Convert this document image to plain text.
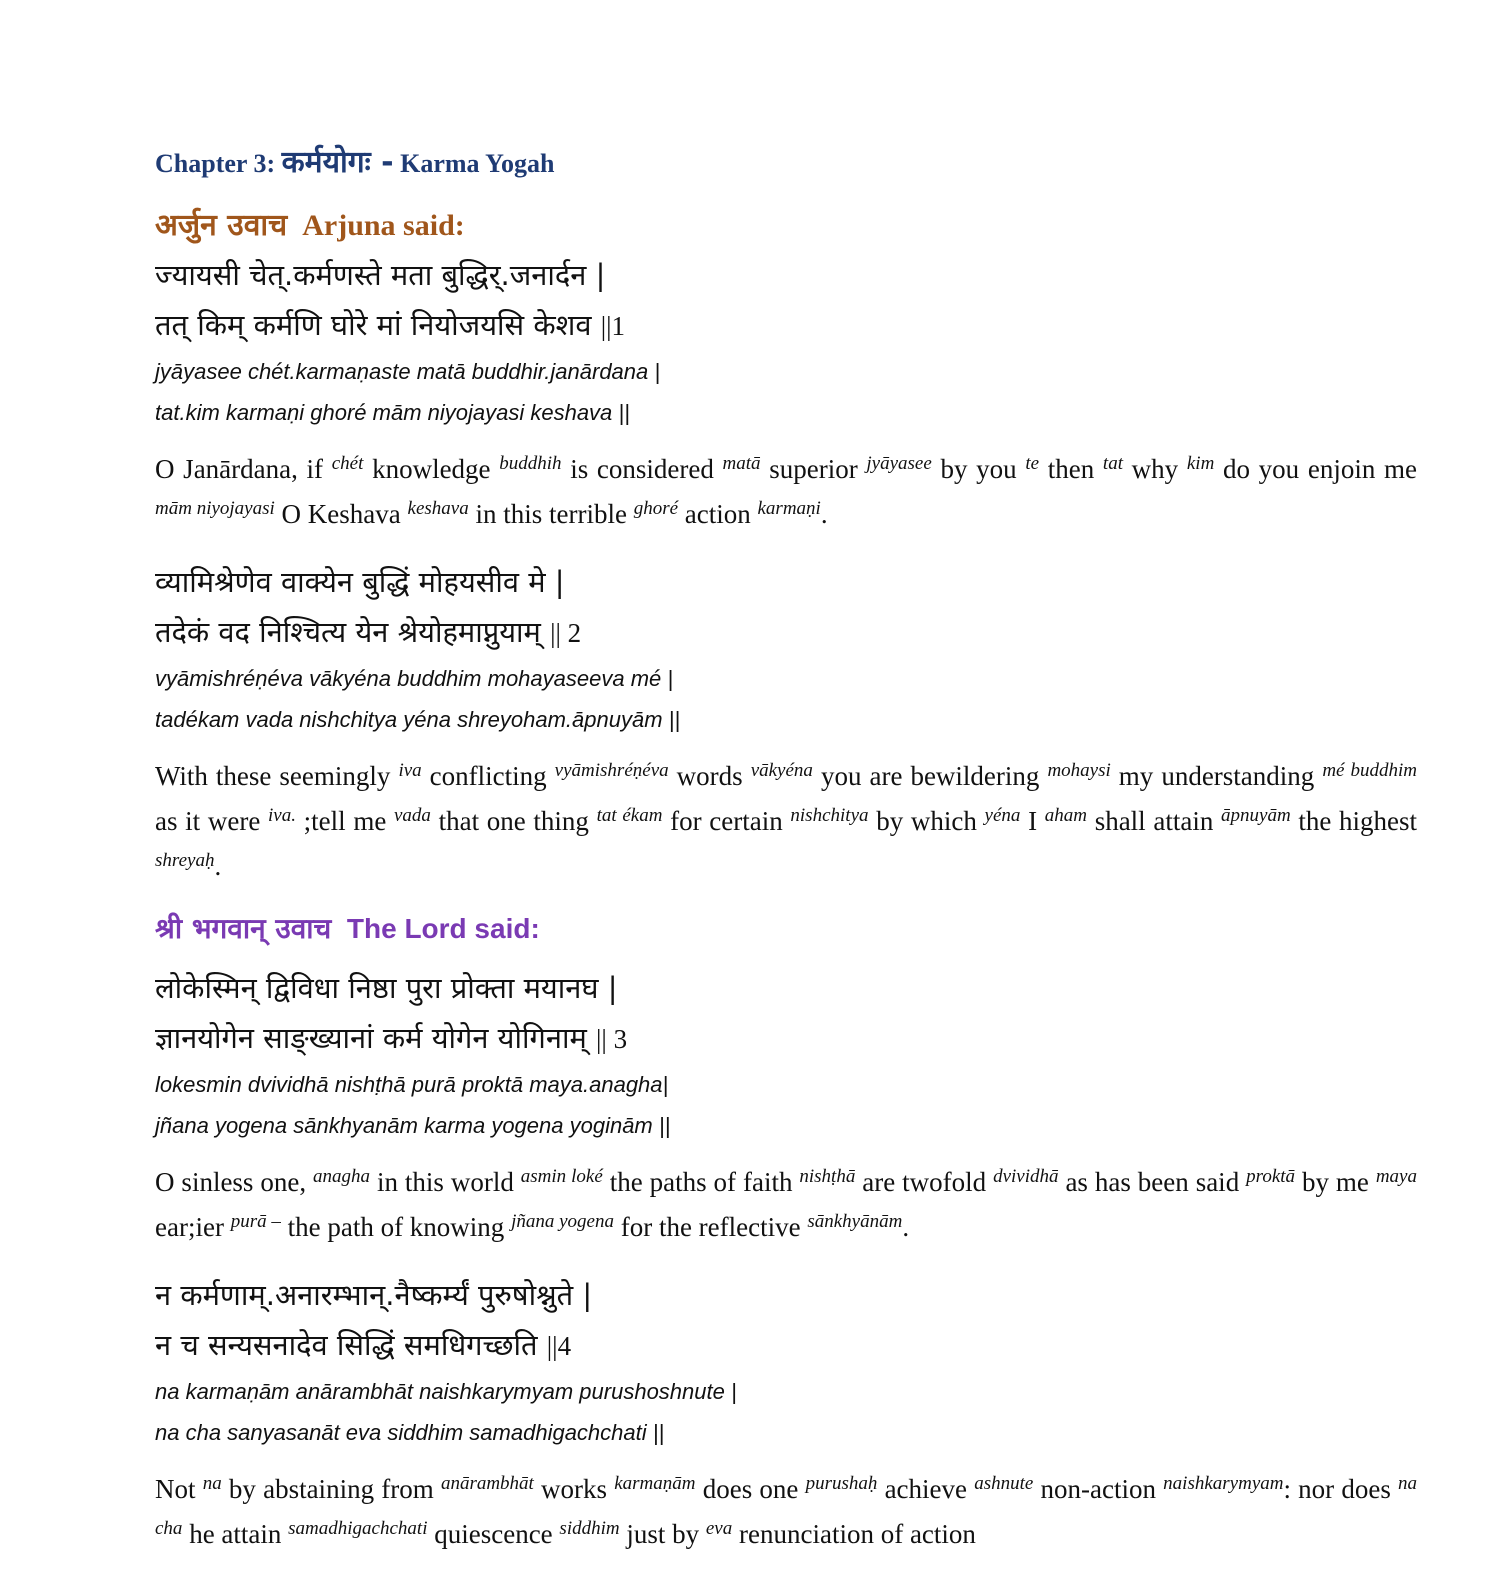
Chapter 3: कर्मयोगः - Karma Yogah
अर्जुन उवाच  Arjuna said:
ज्यायसी चेत्.कर्मणस्ते मता बुद्धिर्.जनार्दन |
तत् किम् कर्मणि घोरे मां नियोजयसि केशव ||1
jyāyasee chét.karmaṇaste matā buddhir.janārdana |
tat.kim karmaṇi ghoré mām niyojayasi keshava ||
O Janārdana, if $^{chét}$ knowledge $^{buddhih}$ is considered $^{matā}$ superior $^{jyāyasee}$ by you $^{te}$ then $^{tat}$ why $^{kim}$ do you enjoin me $^{mām niyojayasi}$ O Keshava $^{keshava}$ in this terrible $^{ghoré}$ action $^{karmaṇi}$.
व्यामिश्रेणेव वाक्येन बुद्धिं मोहयसीव मे |
तदेकं वद निश्चित्य येन श्रेयोहमाप्नुयाम् || 2
vyāmishréṇéva vākyéna buddhim mohayaseeva mé |
tadékam vada nishchitya yéna shreyoham.āpnuyām ||
With these seemingly $^{iva}$ conflicting $^{vyāmishréṇéva}$ words $^{vākyéna}$ you are bewildering $^{mohaysi}$ my understanding $^{mé buddhim}$ as it were $^{iva.}$ ;tell me $^{vada}$ that one thing $^{tat ékam}$ for certain $^{nishchitya}$ by which $^{yéna}$ I $^{aham}$ shall attain $^{āpnuyām}$ the highest $^{shreyaḥ}$.
श्री भगवान् उवाच  The Lord said:
लोकेस्मिन् द्विविधा निष्ठा पुरा प्रोक्ता मयानघ |
ज्ञानयोगेन साङ्ख्यानां कर्म योगेन योगिनाम् || 3
lokesmin dvividhā nishṭhā purā proktā maya.anagha|
jñana yogena sānkhyanām karma yogena yoginām ||
O sinless one, $^{anagha}$ in this world $^{asmin loké}$ the paths of faith $^{nishṭhā}$ are twofold $^{dvividhā}$ as has been said $^{proktā}$ by me $^{maya}$ ear;ier $^{purā -}$ the path of knowing $^{jñana yogena}$ for the reflective $^{sānkhyānām}$.
न कर्मणाम्.अनारम्भान्.नैष्कर्म्यं पुरुषोश्नुते |
न च सन्यसनादेव सिद्धिं समधिगच्छति ||4
na karmaṇām anārambhāt naishkarymyam purushoshnute |
na cha sanyasanāt eva siddhim samadhigachchati ||
Not $^{na}$ by abstaining from $^{anārambhāt}$ works $^{karmaṇām}$ does one $^{purushaḥ}$ achieve $^{ashnute}$ non-action $^{naishkarymyam}$: nor does $^{na cha}$ he attain $^{samadhigachchati}$ quiescence $^{siddhim}$ just by $^{eva}$ renunciation of action
